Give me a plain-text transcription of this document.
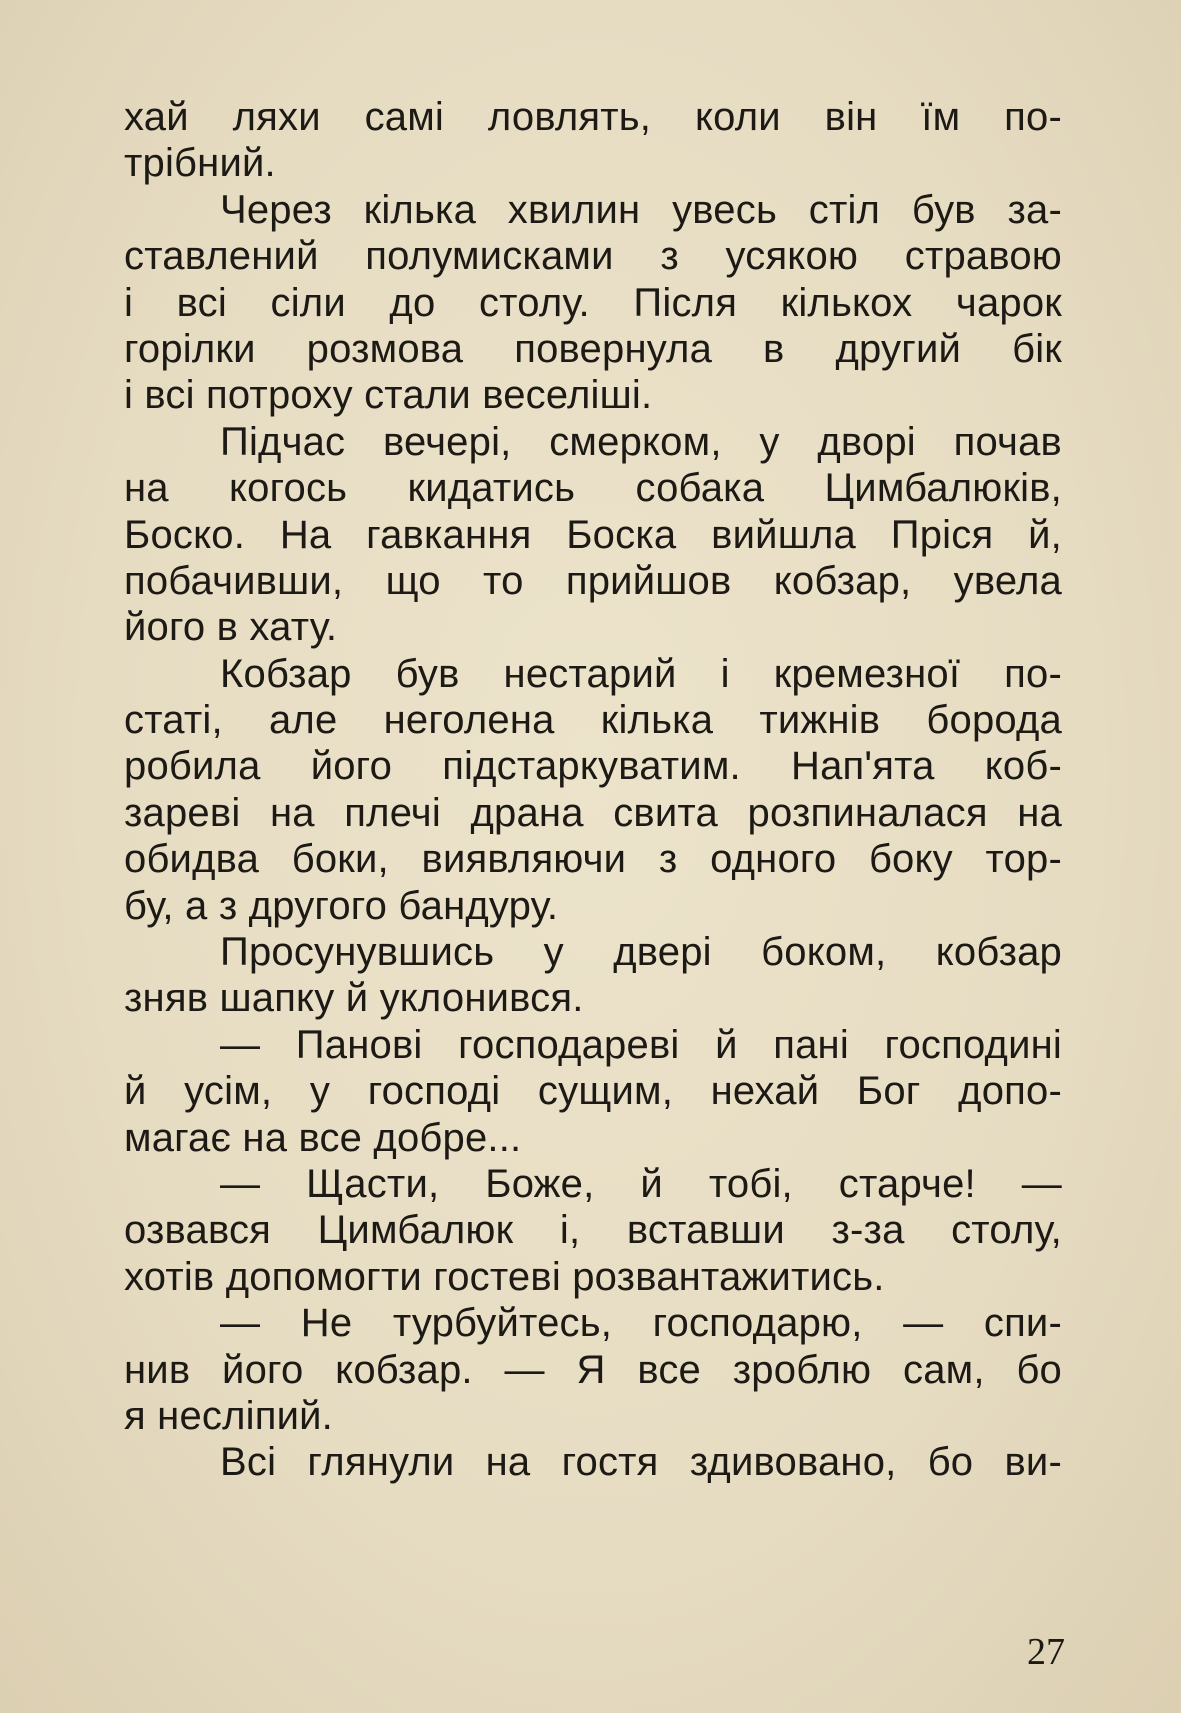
хай ляхи самі ловлять, коли він їм по-
трібний.
Через кілька хвилин увесь стіл був за-
ставлений полумисками з усякою стравою
і всі сіли до столу. Після кількох чарок
горілки розмова повернула в другий бік
і всі потроху стали веселіші.
Підчас вечері, смерком, у дворі почав
на когось кидатись собака Цимбалюків,
Боско. На гавкання Боска вийшла Пріся й,
побачивши, що то прийшов кобзар, увела
його в хату.
Кобзар був нестарий і кремезної по-
статі, але неголена кілька тижнів борода
робила його підстаркуватим. Нап'ята коб-
зареві на плечі драна свита розпиналася на
обидва боки, виявляючи з одного боку тор-
бу, а з другого бандуру.
Просунувшись у двері боком, кобзар
зняв шапку й уклонився.
— Панові господареві й пані господині
й усім, у господі сущим, нехай Бог допо-
магає на все добре...
— Щасти, Боже, й тобі, старче! —
озвався Цимбалюк і, вставши з-за столу,
хотів допомогти гостеві розвантажитись.
— Не турбуйтесь, господарю, — спи-
нив його кобзар. — Я все зроблю сам, бо
я несліпий.
Всі глянули на гостя здивовано, бо ви-
27
